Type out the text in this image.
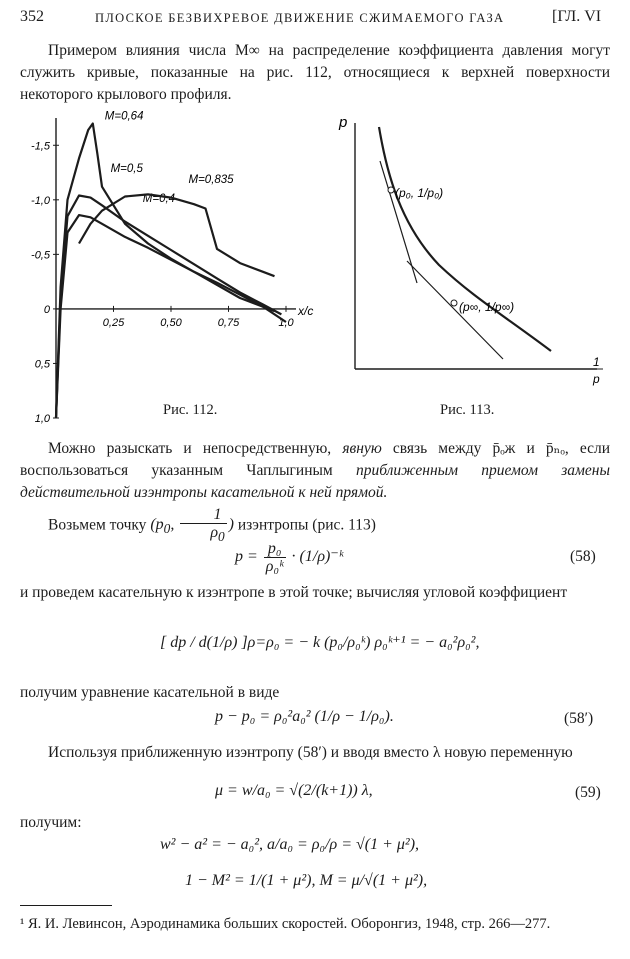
352	ПЛОСКОЕ БЕЗВИХРЕВОЕ ДВИЖЕНИЕ СЖИМАЕМОГО ГАЗА	[ГЛ. VI
Примером влияния числа M∞ на распределение коэффициента давления могут служить кривые, показанные на рис. 112, относящиеся к верхней поверхности некоторого крылового профиля.
-1,5
-1,0
-0,5
0
0,5
1,0
0,25	0,50	0,75	1,0
x/c
M=0,4
M=0,5
M=0,64
M=0,835
Рис. 112.
p
1
p
(p₀, 1/p₀)
(p∞, 1/p∞)
Рис. 113.
Можно разыскать и непосредственную, явную связь между p̄ₒж и p̄ₙₒ, если воспользоваться указанным Чаплыгиным приближенным приемом замены действительной изэнтропы касательной к ней прямой.
Возьмем точку ($p_0$, $\frac{1}{\rho_0}$ ) изэнтропы (рис. 113)
$p = \frac{\text{p₀}}{\text{ρ₀ᵏ}}$ · (1/ρ)⁻ᵏ	(58)
и проведем касательную к изэнтропе в этой точке; вычисляя угловой коэффициент
[ dp / d(1/ρ) ]ρ=ρ₀ = − k (p₀/ρ₀ᵏ) ρ₀ᵏ⁺¹ = − a₀²ρ₀²,
получим уравнение касательной в виде
p − p₀ = ρ₀²a₀² (1/ρ − 1/ρ₀).	(58′)
Используя приближенную изэнтропу (58′) и вводя вместо λ новую переменную
μ = w/a₀ = √(2/(k+1)) λ,	(59)
получим:
w² − a² = − a₀², a/a₀ = ρ₀/ρ = √(1 + μ²),
1 − M² = 1/(1 + μ²), M = μ/√(1 + μ²),
¹ Я. И. Левинсон, Аэродинамика больших скоростей. Оборонгиз, 1948, стр. 266—277.
